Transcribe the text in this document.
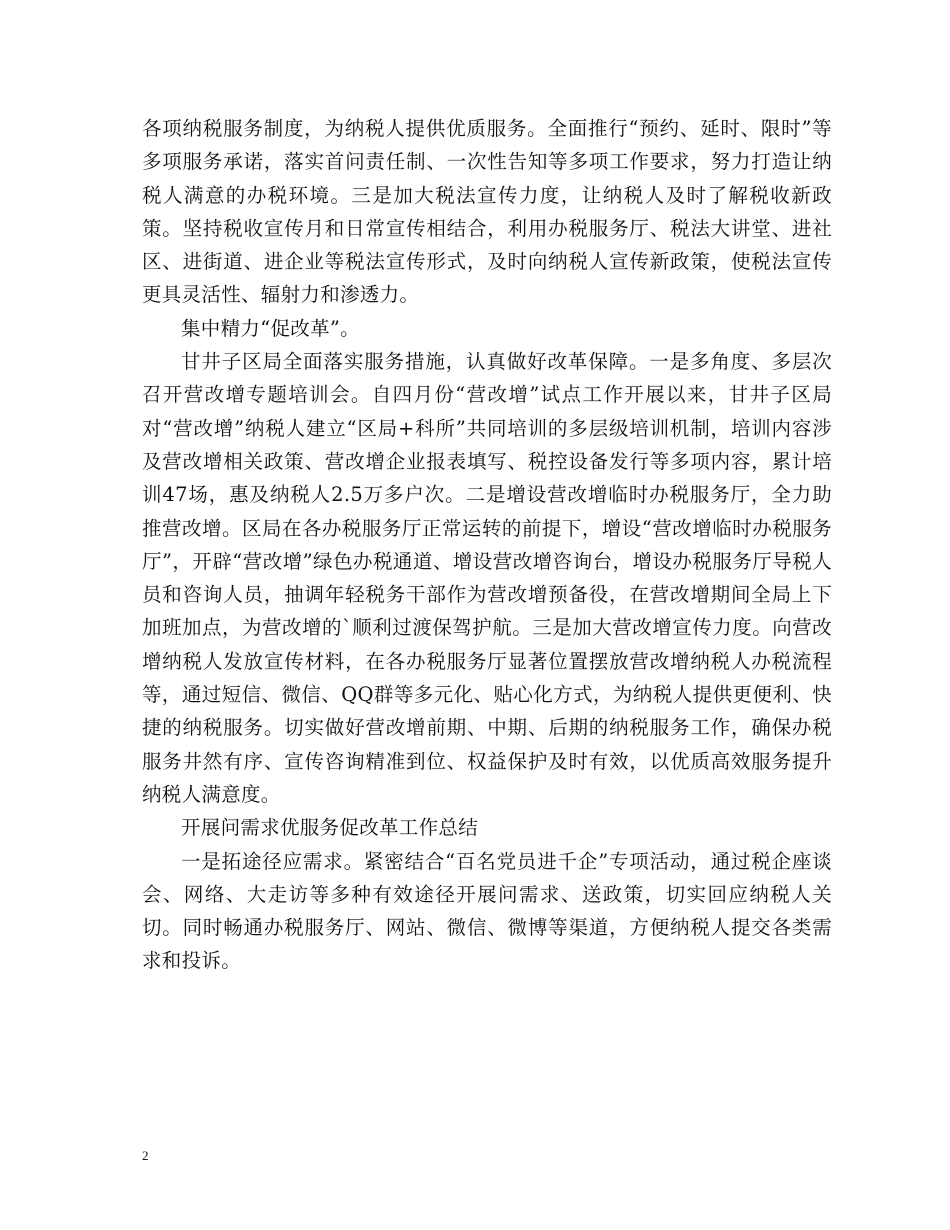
各项纳税服务制度，为纳税人提供优质服务。全面推行“预约、延时、限时”等多项服务承诺，落实首问责任制、一次性告知等多项工作要求，努力打造让纳税人满意的办税环境。三是加大税法宣传力度，让纳税人及时了解税收新政策。坚持税收宣传月和日常宣传相结合，利用办税服务厅、税法大讲堂、进社区、进街道、进企业等税法宣传形式，及时向纳税人宣传新政策，使税法宣传更具灵活性、辐射力和渗透力。

集中精力“促改革”。

甘井子区局全面落实服务措施，认真做好改革保障。一是多角度、多层次召开营改增专题培训会。自四月份“营改增”试点工作开展以来，甘井子区局对“营改增”纳税人建立“区局+科所”共同培训的多层级培训机制，培训内容涉及营改增相关政策、营改增企业报表填写、税控设备发行等多项内容，累计培训47场，惠及纳税人2.5万多户次。二是增设营改增临时办税服务厅，全力助推营改增。区局在各办税服务厅正常运转的前提下，增设“营改增临时办税服务厅”，开辟“营改增”绿色办税通道、增设营改增咨询台，增设办税服务厅导税人员和咨询人员，抽调年轻税务干部作为营改增预备役，在营改增期间全局上下加班加点，为营改增的`顺利过渡保驾护航。三是加大营改增宣传力度。向营改增纳税人发放宣传材料，在各办税服务厅显著位置摆放营改增纳税人办税流程等，通过短信、微信、QQ群等多元化、贴心化方式，为纳税人提供更便利、快捷的纳税服务。切实做好营改增前期、中期、后期的纳税服务工作，确保办税服务井然有序、宣传咨询精准到位、权益保护及时有效，以优质高效服务提升纳税人满意度。

开展问需求优服务促改革工作总结

一是拓途径应需求。紧密结合“百名党员进千企”专项活动，通过税企座谈会、网络、大走访等多种有效途径开展问需求、送政策，切实回应纳税人关切。同时畅通办税服务厅、网站、微信、微博等渠道，方便纳税人提交各类需求和投诉。

2
